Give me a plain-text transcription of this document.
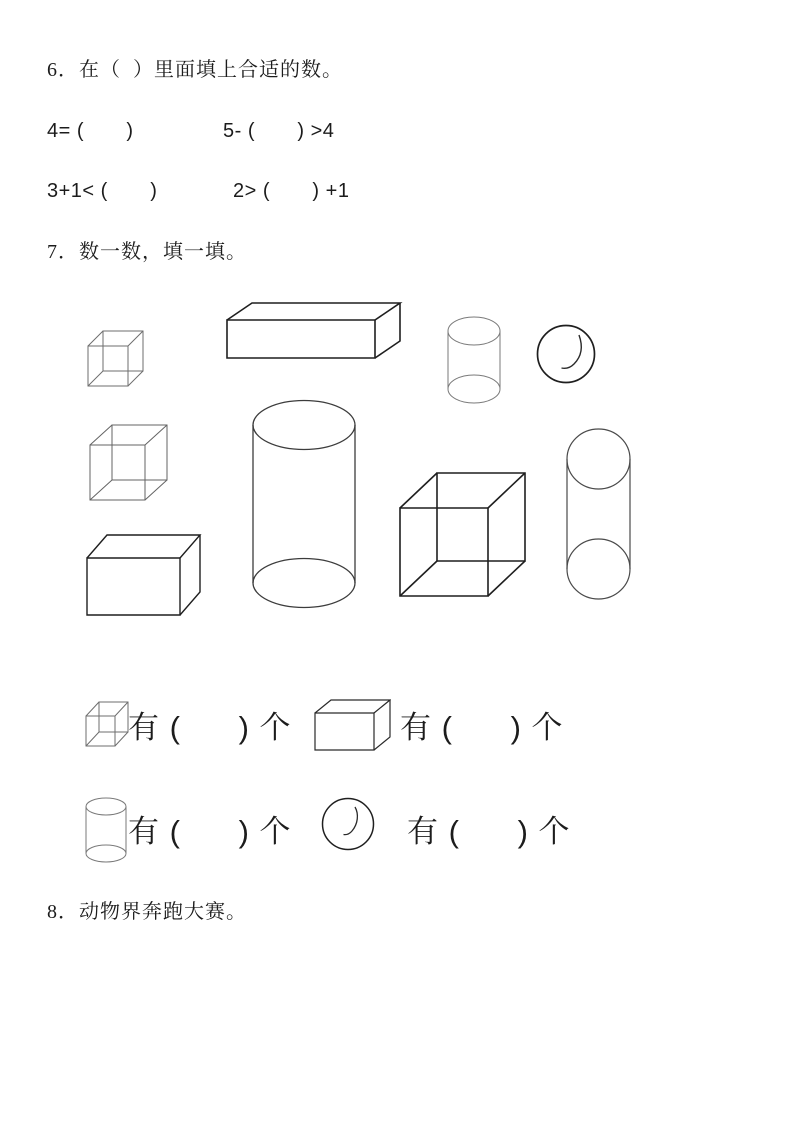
6．在（  ）里面填上合适的数。
4= (       )	5- (       ) >4
3+1< (       )	2> (       ) +1
7．数一数，填一填。
有 (      ) 个	有 (      ) 个
有 (      ) 个	有 (      ) 个
8．动物界奔跑大赛。
